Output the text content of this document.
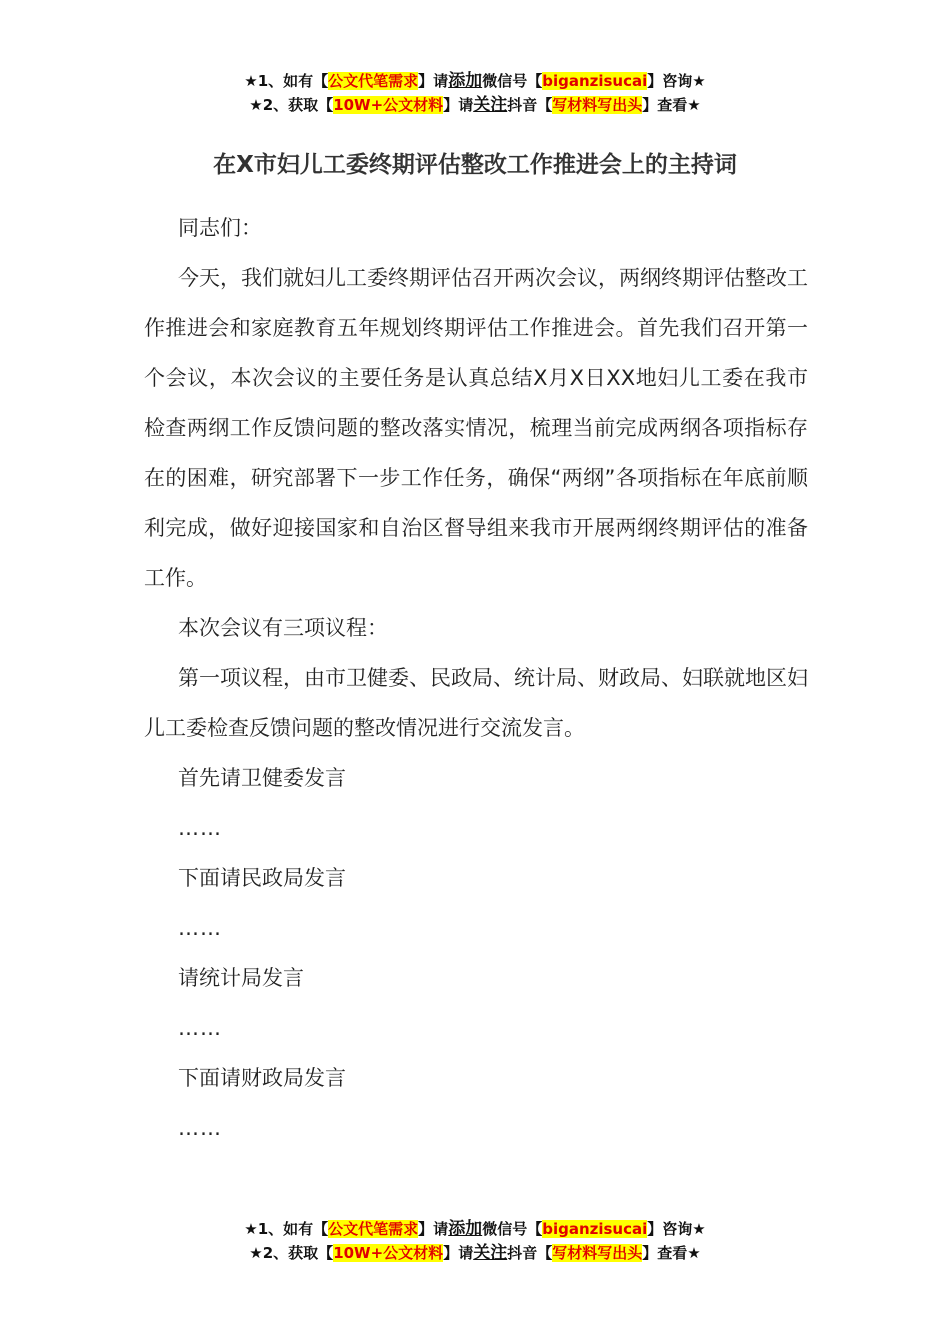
★1、如有【公文代笔需求】请添加微信号【biganzisucai】咨询★
★2、获取【10W+公文材料】请关注抖音【写材料写出头】查看★
在X市妇儿工委终期评估整改工作推进会上的主持词

同志们：

今天，我们就妇儿工委终期评估召开两次会议，两纲终期评估整改工作推进会和家庭教育五年规划终期评估工作推进会。首先我们召开第一个会议，本次会议的主要任务是认真总结X月X日XX地妇儿工委在我市检查两纲工作反馈问题的整改落实情况，梳理当前完成两纲各项指标存在的困难，研究部署下一步工作任务，确保“两纲”各项指标在年底前顺利完成，做好迎接国家和自治区督导组来我市开展两纲终期评估的准备工作。

本次会议有三项议程：

第一项议程，由市卫健委、民政局、统计局、财政局、妇联就地区妇儿工委检查反馈问题的整改情况进行交流发言。

首先请卫健委发言

……

下面请民政局发言

……

请统计局发言

……

下面请财政局发言

……

★1、如有【公文代笔需求】请添加微信号【biganzisucai】咨询★
★2、获取【10W+公文材料】请关注抖音【写材料写出头】查看★
